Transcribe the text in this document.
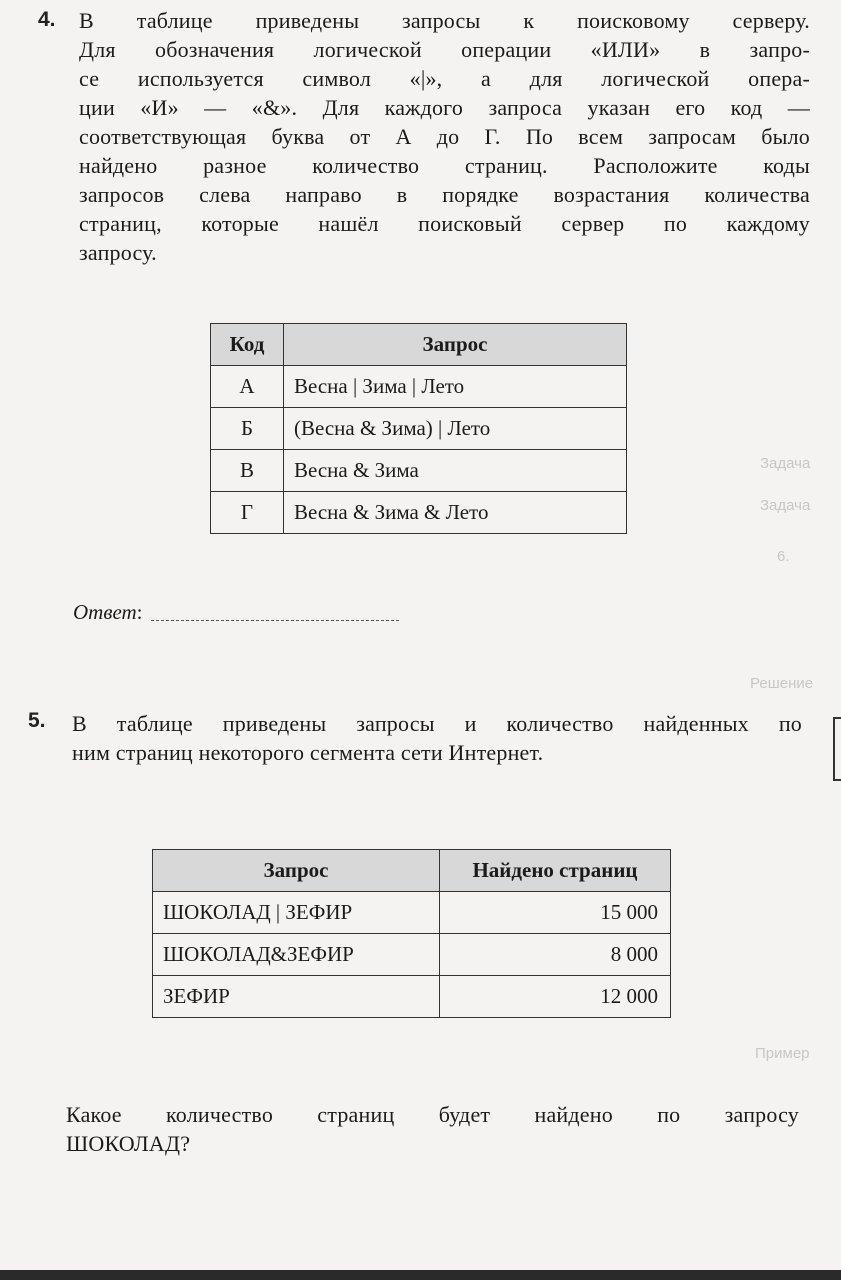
Задача
Задача
6.
Решение
Пример
4. В таблице приведены запросы к поисковому серверу.
Для обозначения логической операции «ИЛИ» в запро-
се используется символ «|», а для логической опера-
ции «И» — «&». Для каждого запроса указан его код —
соответствующая буква от А до Г. По всем запросам было
найдено разное количество страниц. Расположите коды
запросов слева направо в порядке возрастания количества
страниц, которые нашёл поисковый сервер по каждому
запросу.
Код	Запрос
А	Весна | Зима | Лето
Б	(Весна & Зима) | Лето
В	Весна & Зима
Г	Весна & Зима & Лето
Ответ:
5. В таблице приведены запросы и количество найденных по
ним страниц некоторого сегмента сети Интернет.
Запрос	Найдено страниц
ШОКОЛАД | ЗЕФИР	15 000
ШОКОЛАД&ЗЕФИР	8 000
ЗЕФИР	12 000
Какое количество страниц будет найдено по запросу
ШОКОЛАД?
